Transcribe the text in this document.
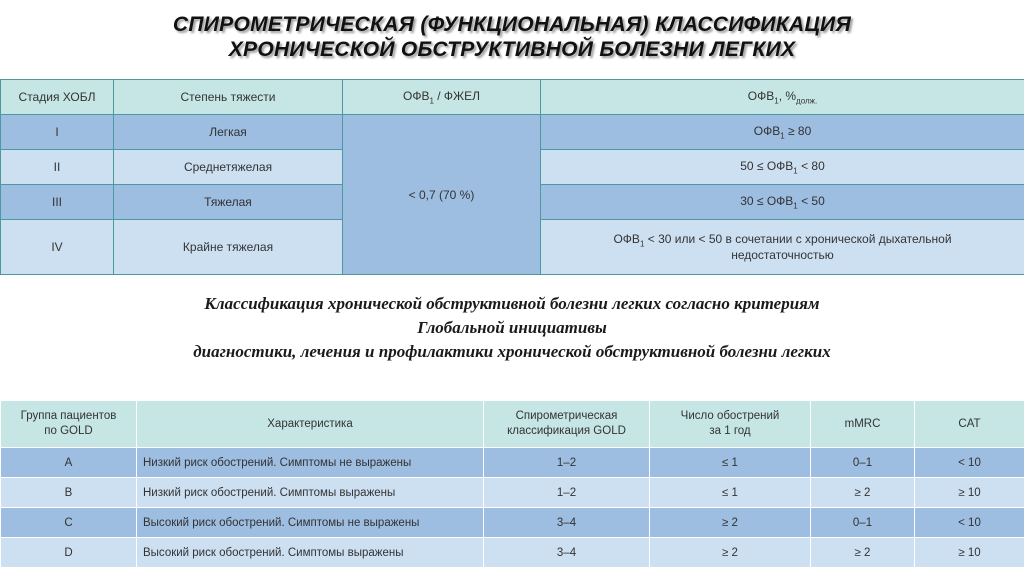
СПИРОМЕТРИЧЕСКАЯ (ФУНКЦИОНАЛЬНАЯ) КЛАССИФИКАЦИЯ
ХРОНИЧЕСКОЙ ОБСТРУКТИВНОЙ БОЛЕЗНИ ЛЕГКИХ
Стадия ХОБЛ	Степень тяжести	$ОФВ_1$ / ФЖЕЛ	$ОФВ_1$, $\%_{долж.}$
I	Легкая	< 0,7 (70 %)	$ОФВ_1 \ge 80$
II	Среднетяжелая		$50 \le ОФВ_1 < 80$
III	Тяжелая		$30 \le ОФВ_1 < 50$
IV	Крайне тяжелая		$ОФВ_1 < 30$ или < 50 в сочетании с хронической дыхательной
недостаточностью
Классификация хронической обструктивной болезни легких согласно критериям
Глобальной инициативы
диагностики, лечения и профилактики хронической обструктивной болезни легких
Группа пациентов
по GOLD	Характеристика	Спирометрическая
классификация GOLD	Число обострений
за 1 год	mMRC	CAT
A	Низкий риск обострений. Симптомы не выражены	1–2	≤ 1	0–1	< 10
B	Низкий риск обострений. Симптомы выражены	1–2	≤ 1	≥ 2	≥ 10
C	Высокий риск обострений. Симптомы не выражены	3–4	≥ 2	0–1	< 10
D	Высокий риск обострений. Симптомы выражены	3–4	≥ 2	≥ 2	≥ 10
